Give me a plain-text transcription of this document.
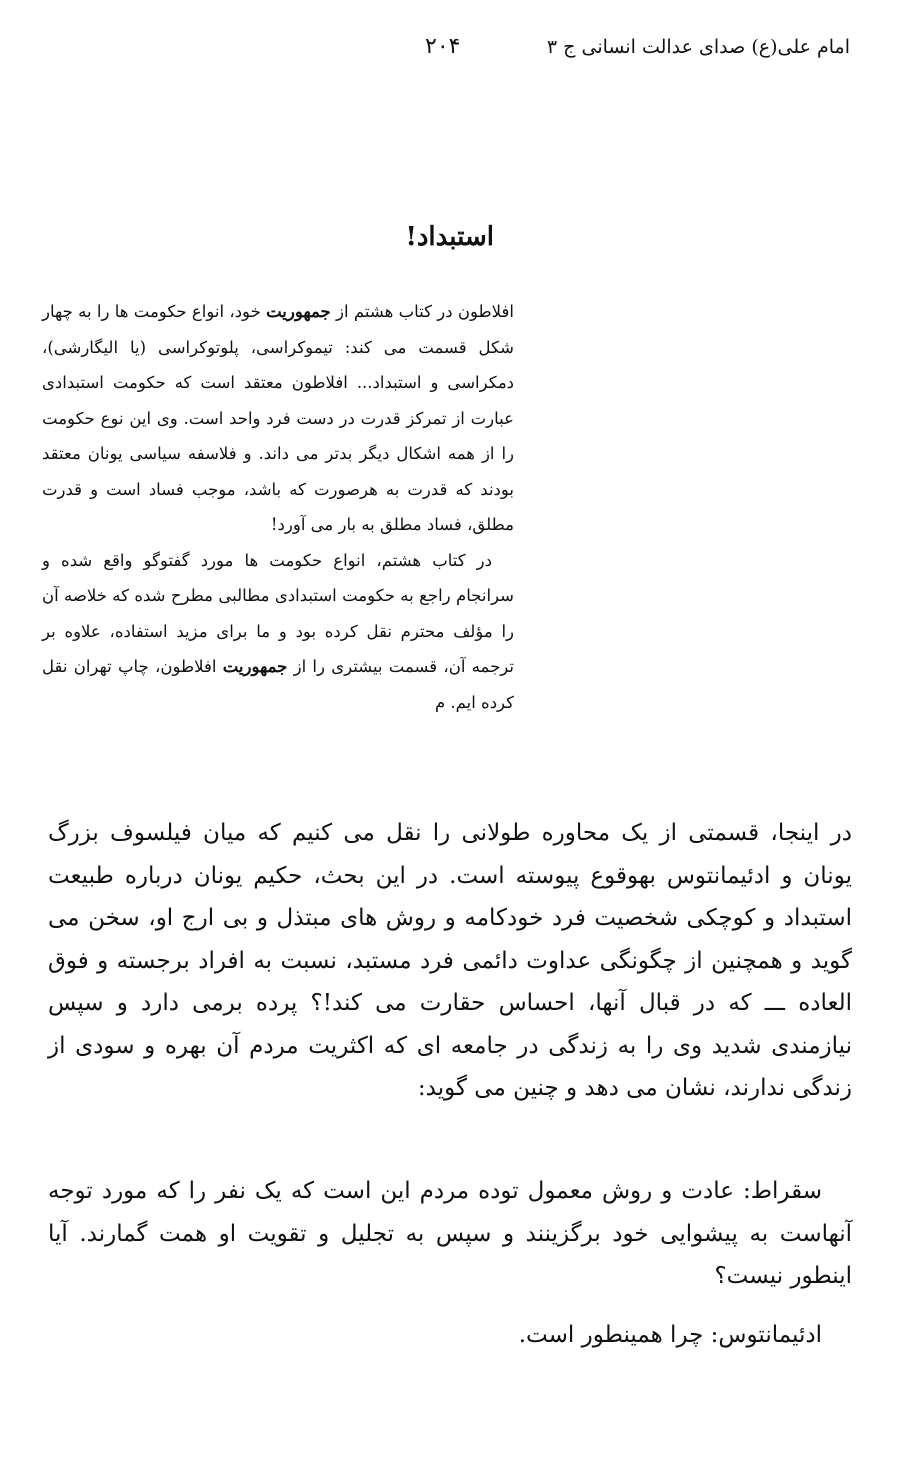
امام علی(ع) صدای عدالت انسانی ج ۳
۲۰۴
استبداد!

افلاطون در کتاب هشتم از جمهوریت خود، انواع حکومت ها را به چهار شکل قسمت می کند: تیموکراسی، پلوتوکراسی (یا الیگارشی)، دمکراسی و استبداد... افلاطون معتقد است که حکومت استبدادی عبارت از تمرکز قدرت در دست فرد واحد است. وی این نوع حکومت را از همه اشکال دیگر بدتر می داند. و فلاسفه سیاسی یونان معتقد بودند که قدرت به هرصورت که باشد، موجب فساد است و قدرت مطلق، فساد مطلق به بار می آورد!

در کتاب هشتم، انواع حکومت ها مورد گفتوگو واقع شده و سرانجام راجع به حکومت استبدادی مطالبی مطرح شده که خلاصه آن را مؤلف محترم نقل کرده بود و ما برای مزید استفاده، علاوه بر ترجمه آن، قسمت بیشتری را از جمهوریت افلاطون، چاپ تهران نقل کرده ایم. م

در اینجا، قسمتی از یک محاوره طولانی را نقل می کنیم که میان فیلسوف بزرگ یونان و ادئیمانتوس بهوقوع پیوسته است. در این بحث، حکیم یونان درباره طبیعت استبداد و کوچکی شخصیت فرد خودکامه و روش های مبتذل و بی ارج او، سخن می گوید و همچنین از چگونگی عداوت دائمی فرد مستبد، نسبت به افراد برجسته و فوق العاده ـــ که در قبال آنها، احساس حقارت می کند!؟ پرده برمی دارد و سپس نیازمندی شدید وی را به زندگی در جامعه ای که اکثریت مردم آن بهره و سودی از زندگی ندارند، نشان می دهد و چنین می گوید:

سقراط: عادت و روش معمول توده مردم این است که یک نفر را که مورد توجه آنهاست به پیشوایی خود برگزینند و سپس به تجلیل و تقویت او همت گمارند. آیا اینطور نیست؟

ادئیمانتوس: چرا همینطور است.
